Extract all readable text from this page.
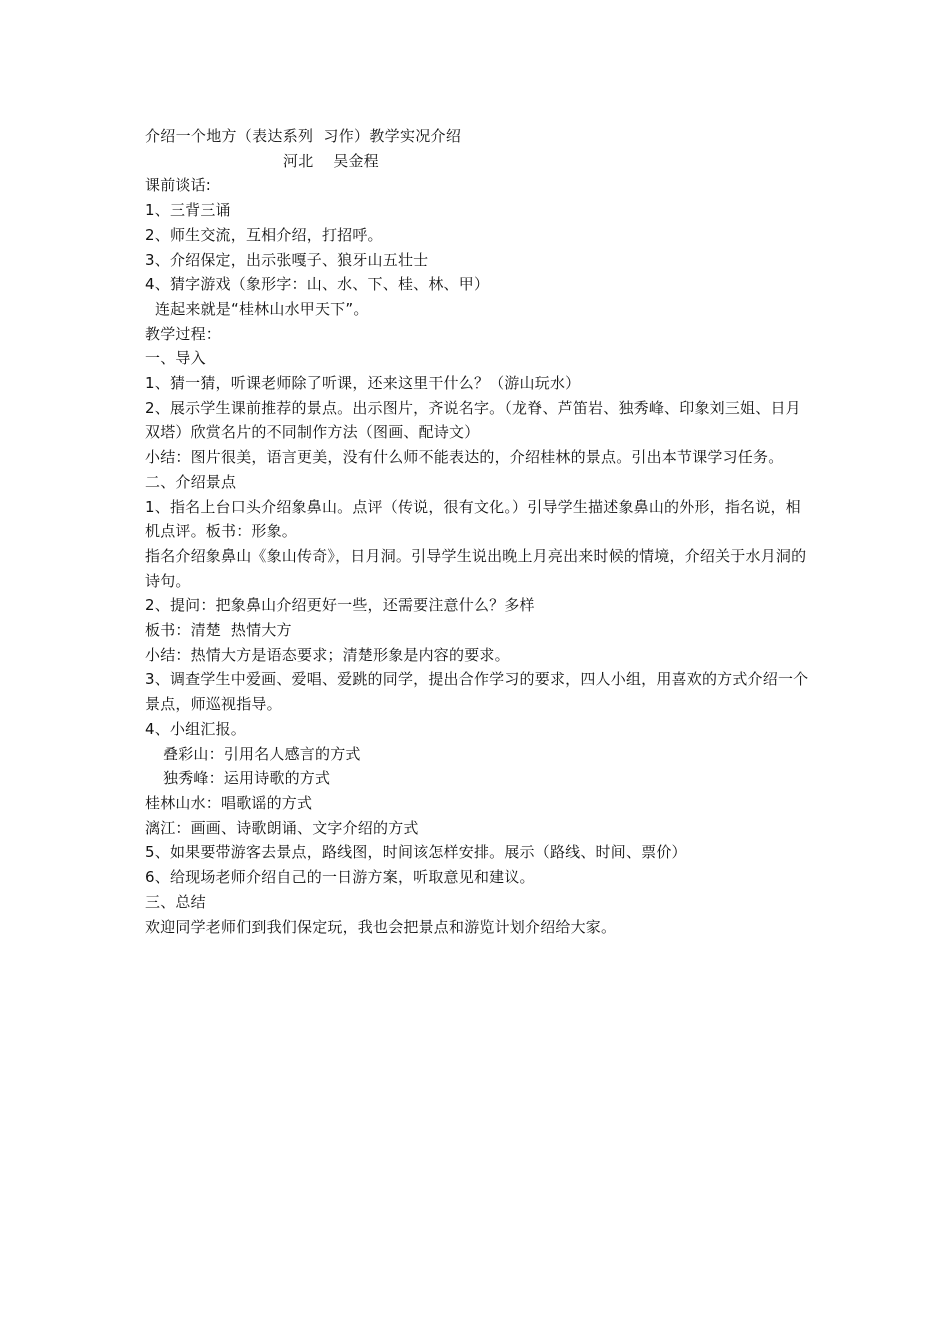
介绍一个地方（表达系列  习作）教学实况介绍
河北    吴金程
课前谈话:
1、三背三诵
2、师生交流，互相介绍，打招呼。
3、介绍保定，出示张嘎子、狼牙山五壮士
4、猜字游戏（象形字：山、水、下、桂、林、甲）
连起来就是“桂林山水甲天下”。
教学过程：
一、导入
1、猜一猜，听课老师除了听课，还来这里干什么？（游山玩水）
2、展示学生课前推荐的景点。出示图片，齐说名字。（龙脊、芦笛岩、独秀峰、印象刘三姐、日月双塔）欣赏名片的不同制作方法（图画、配诗文）
小结：图片很美，语言更美，没有什么师不能表达的，介绍桂林的景点。引出本节课学习任务。
二、介绍景点
1、指名上台口头介绍象鼻山。点评（传说，很有文化。）引导学生描述象鼻山的外形，指名说，相机点评。板书：形象。
指名介绍象鼻山《象山传奇》，日月洞。引导学生说出晚上月亮出来时候的情境，介绍关于水月洞的诗句。
2、提问：把象鼻山介绍更好一些，还需要注意什么？多样
板书：清楚  热情大方
小结：热情大方是语态要求；清楚形象是内容的要求。
3、调查学生中爱画、爱唱、爱跳的同学，提出合作学习的要求，四人小组，用喜欢的方式介绍一个景点，师巡视指导。
4、小组汇报。
叠彩山：引用名人感言的方式
独秀峰：运用诗歌的方式
桂林山水：唱歌谣的方式
漓江：画画、诗歌朗诵、文字介绍的方式
5、如果要带游客去景点，路线图，时间该怎样安排。展示（路线、时间、票价）
6、给现场老师介绍自己的一日游方案，听取意见和建议。
三、总结
欢迎同学老师们到我们保定玩，我也会把景点和游览计划介绍给大家。
